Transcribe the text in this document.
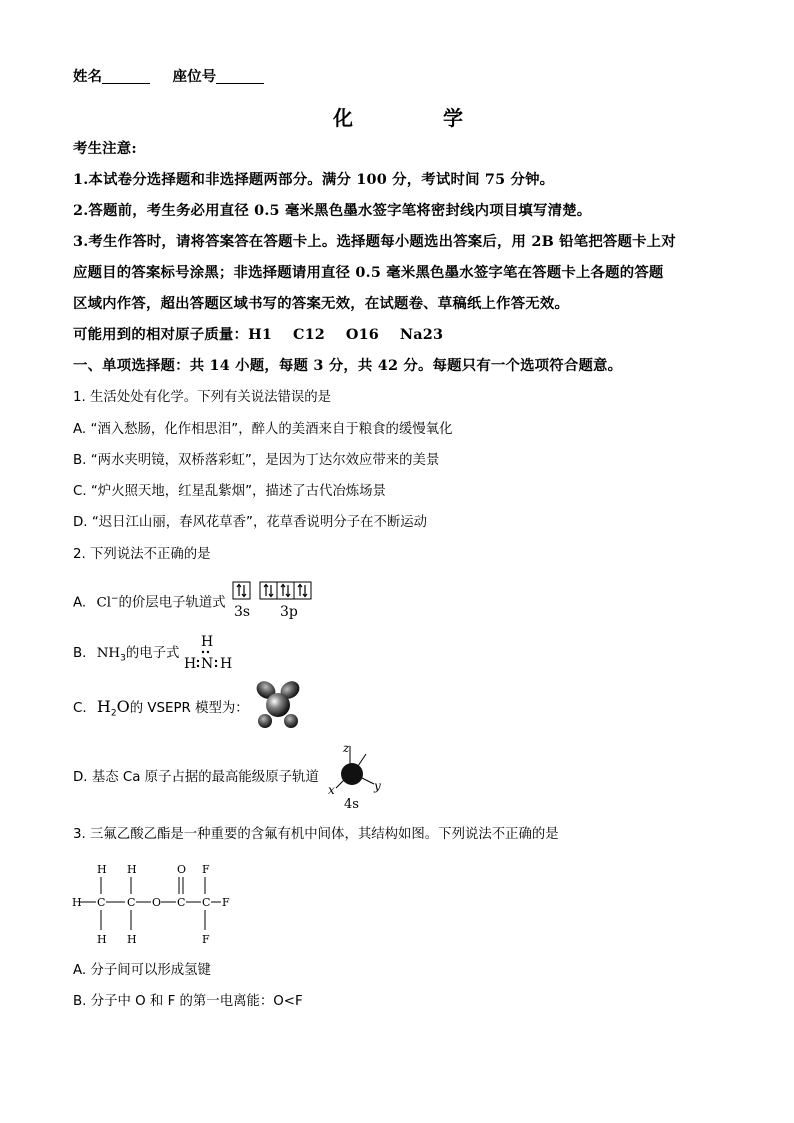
姓名	座位号
化学
考生注意:
1.本试卷分选择题和非选择题两部分。满分 100 分，考试时间 75 分钟。
2.答题前，考生务必用直径 0.5 毫米黑色墨水签字笔将密封线内项目填写清楚。
3.考生作答时，请将答案答在答题卡上。选择题每小题选出答案后，用 2B 铅笔把答题卡上对
应题目的答案标号涂黑；非选择题请用直径 0.5 毫米黑色墨水签字笔在答题卡上各题的答题
区域内作答，超出答题区域书写的答案无效，在试题卷、草稿纸上作答无效。
可能用到的相对原子质量：H1    C12    O16    Na23
一、单项选择题：共 14 小题，每题 3 分，共 42 分。每题只有一个选项符合题意。
1. 生活处处有化学。下列有关说法错误的是
A. “酒入愁肠，化作相思泪”，醉人的美酒来自于粮食的缓慢氧化
B. “两水夹明镜，双桥落彩虹”，是因为丁达尔效应带来的美景
C. “炉火照天地，红星乱紫烟”，描述了古代冶炼场景
D. “迟日江山丽，春风花草香”，花草香说明分子在不断运动
2. 下列说法不正确的是
A. Cl−的价层电子轨道式
3s 3p
B. $NH_3$的电子式
H
H N H
C. $H_2O$的 VSEPR 模型为：
D. 基态 Ca 原子占据的最高能级原子轨道
z
x	y
4s
3. 三氟乙酸乙酯是一种重要的含氟有机中间体，其结构如图。下列说法不正确的是
H H	O F
H C C O C C F
H H	F
A. 分子间可以形成氢键
B. 分子中 O 和 F 的第一电离能：O<F
